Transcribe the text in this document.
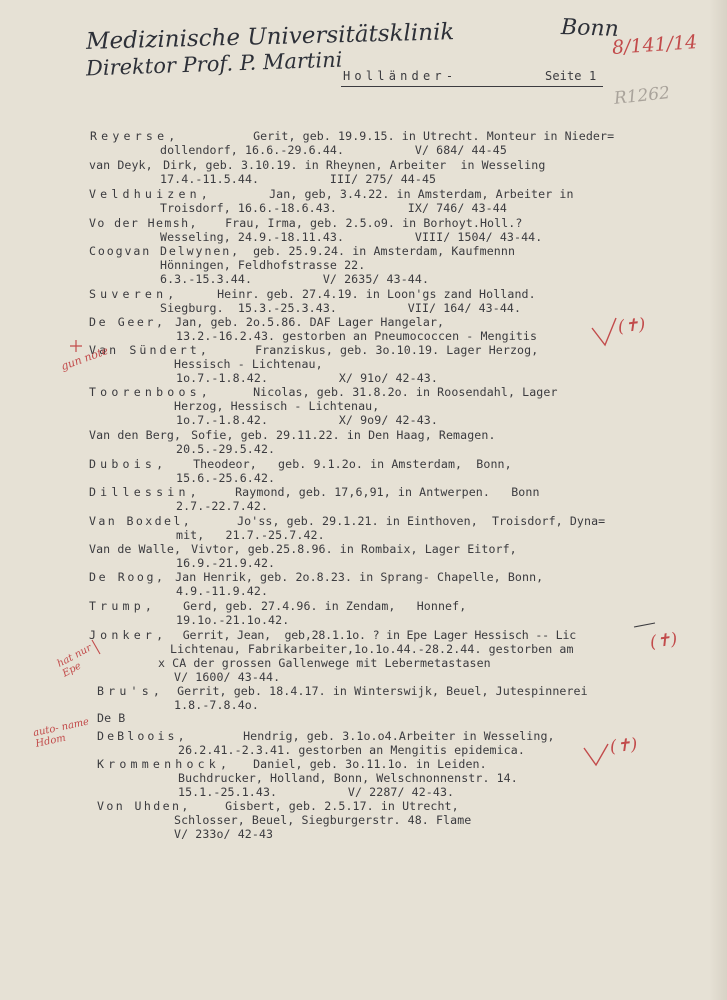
Medizinische Universitätsklinik	Bonn
Direktor Prof. P. Martini
8/141/14
R1262
Holländer-	Seite 1
Reyerse,	Gerit, geb. 19.9.15. in Utrecht. Monteur in Nieder=
dollendorf, 16.6.-29.6.44.          V/ 684/ 44-45
van Deyk, Dirk, geb. 3.10.19. in Rheynen, Arbeiter  in Wesseling
17.4.-11.5.44.          III/ 275/ 44-45
Veldhuizen,	Jan, geb, 3.4.22. in Amsterdam, Arbeiter in
Troisdorf, 16.6.-18.6.43.          IX/ 746/ 43-44
Vo der Hemsh, Frau, Irma, geb. 2.5.o9. in Borhoyt.Holl.?
Wesseling, 24.9.-18.11.43.          VIII/ 1504/ 43-44.
Coogvan Delwynen, geb. 25.9.24. in Amsterdam, Kaufmennn
Hönningen, Feldhofstrasse 22.
6.3.-15.3.44.          V/ 2635/ 43-44.
Suveren,	Heinr. geb. 27.4.19. in Loon'gs zand Holland.
Siegburg.  15.3.-25.3.43.          VII/ 164/ 43-44.
De Geer, Jan, geb. 2o.5.86. DAF Lager Hangelar,
13.2.-16.2.43. gestorben an Pneumococcen - Mengitis
Van Sündert,	Franziskus, geb. 3o.10.19. Lager Herzog,
Hessisch - Lichtenau,
1o.7.-1.8.42.          X/ 91o/ 42-43.
Toorenboos,	Nicolas, geb. 31.8.2o. in Roosendahl, Lager
Herzog, Hessisch - Lichtenau,
1o.7.-1.8.42.          X/ 9o9/ 42-43.
Van den Berg, Sofie, geb. 29.11.22. in Den Haag, Remagen.
20.5.-29.5.42.
Dubois, Theodeor,   geb. 9.1.2o. in Amsterdam,  Bonn,
15.6.-25.6.42.
Dillessin, Raymond, geb. 17,6,91, in Antwerpen.   Bonn
2.7.-22.7.42.
Van Boxdel,	Jo'ss, geb. 29.1.21. in Einthoven,  Troisdorf, Dyna=
mit,   21.7.-25.7.42.
Van de Walle, Vivtor, geb.25.8.96. in Rombaix, Lager Eitorf,
16.9.-21.9.42.
De Roog, Jan Henrik, geb. 2o.8.23. in Sprang- Chapelle, Bonn,
4.9.-11.9.42.
Trump, Gerd, geb. 27.4.96. in Zendam,   Honnef,
19.1o.-21.1o.42.
Jonker, Gerrit, Jean,  geb,28.1.1o. ? in Epe Lager Hessisch -- Lic
Lichtenau, Fabrikarbeiter,1o.1o.44.-28.2.44. gestorben am
x CA der grossen Gallenwege mit Lebermetastasen
V/ 1600/ 43-44.
Bru's, Gerrit, geb. 18.4.17. in Winterswijk, Beuel, Jutespinnerei
1.8.-7.8.4o.
De B
DeBloois,	Hendrig, geb. 3.1o.o4.Arbeiter in Wesseling,
26.2.41.-2.3.41. gestorben an Mengitis epidemica.
Krommenhock, Daniel, geb. 3o.11.1o. in Leiden.
Buchdrucker, Holland, Bonn, Welschnonnenstr. 14.
15.1.-25.1.43.          V/ 2287/ 42-43.
Von Uhden, Gisbert, geb. 2.5.17. in Utrecht,
Schlosser, Beuel, Siegburgerstr. 48. Flame
V/ 233o/ 42-43
gun note
hat nur Epe
auto- name Hdom
(✝)
(✝)
(✝)
